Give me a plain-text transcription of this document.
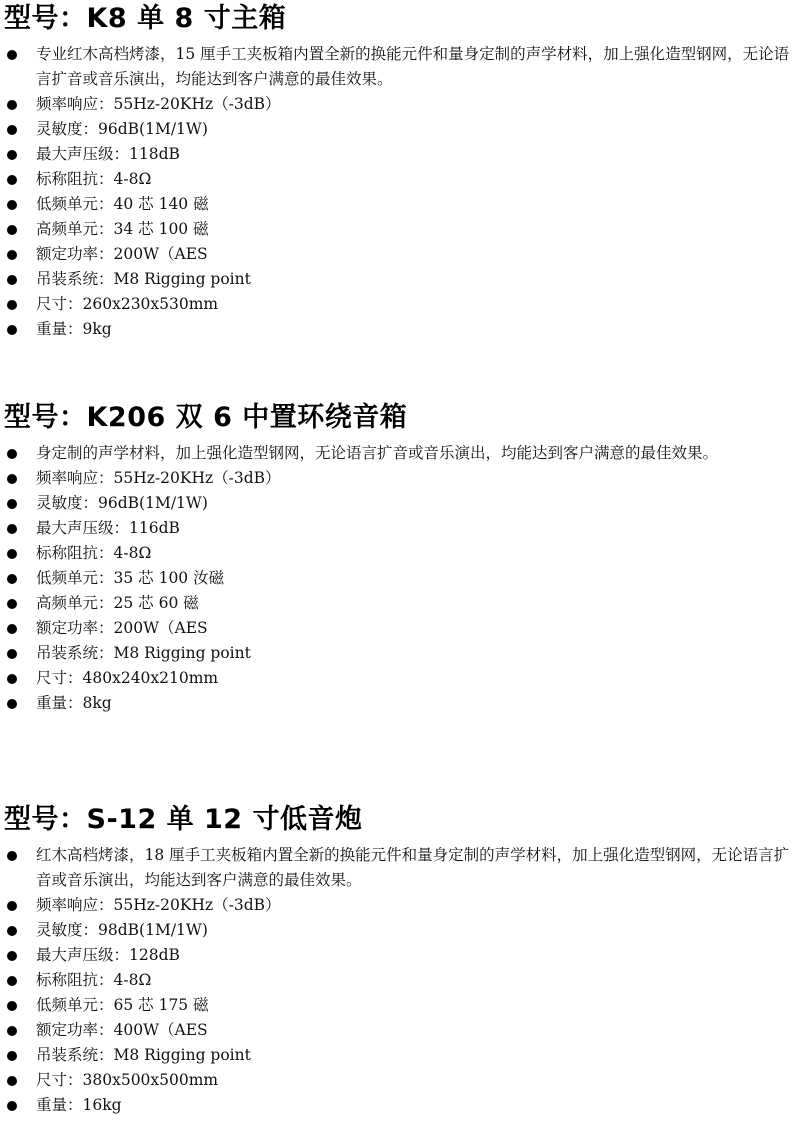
型号：K8 单 8 寸主箱
专业红木高档烤漆，15 厘手工夹板箱内置全新的换能元件和量身定制的声学材料，加上强化造型钢网，无论语言扩音或音乐演出，均能达到客户满意的最佳效果。
频率响应：55Hz-20KHz（-3dB）
灵敏度：96dB(1M/1W)
最大声压级：118dB
标称阻抗：4-8Ω
低频单元：40 芯 140 磁
高频单元：34 芯 100 磁
额定功率：200W（AES
吊装系统：M8 Rigging point
尺寸：260x230x530mm
重量：9kg
型号：K206 双 6 中置环绕音箱
身定制的声学材料，加上强化造型钢网，无论语言扩音或音乐演出，均能达到客户满意的最佳效果。
频率响应：55Hz-20KHz（-3dB）
灵敏度：96dB(1M/1W)
最大声压级：116dB
标称阻抗：4-8Ω
低频单元：35 芯 100 汝磁
高频单元：25 芯 60 磁
额定功率：200W（AES
吊装系统：M8 Rigging point
尺寸：480x240x210mm
重量：8kg
型号：S-12 单 12 寸低音炮
红木高档烤漆，18 厘手工夹板箱内置全新的换能元件和量身定制的声学材料，加上强化造型钢网，无论语言扩音或音乐演出，均能达到客户满意的最佳效果。
频率响应：55Hz-20KHz（-3dB）
灵敏度：98dB(1M/1W)
最大声压级：128dB
标称阻抗：4-8Ω
低频单元：65 芯 175 磁
额定功率：400W（AES
吊装系统：M8 Rigging point
尺寸：380x500x500mm
重量：16kg
